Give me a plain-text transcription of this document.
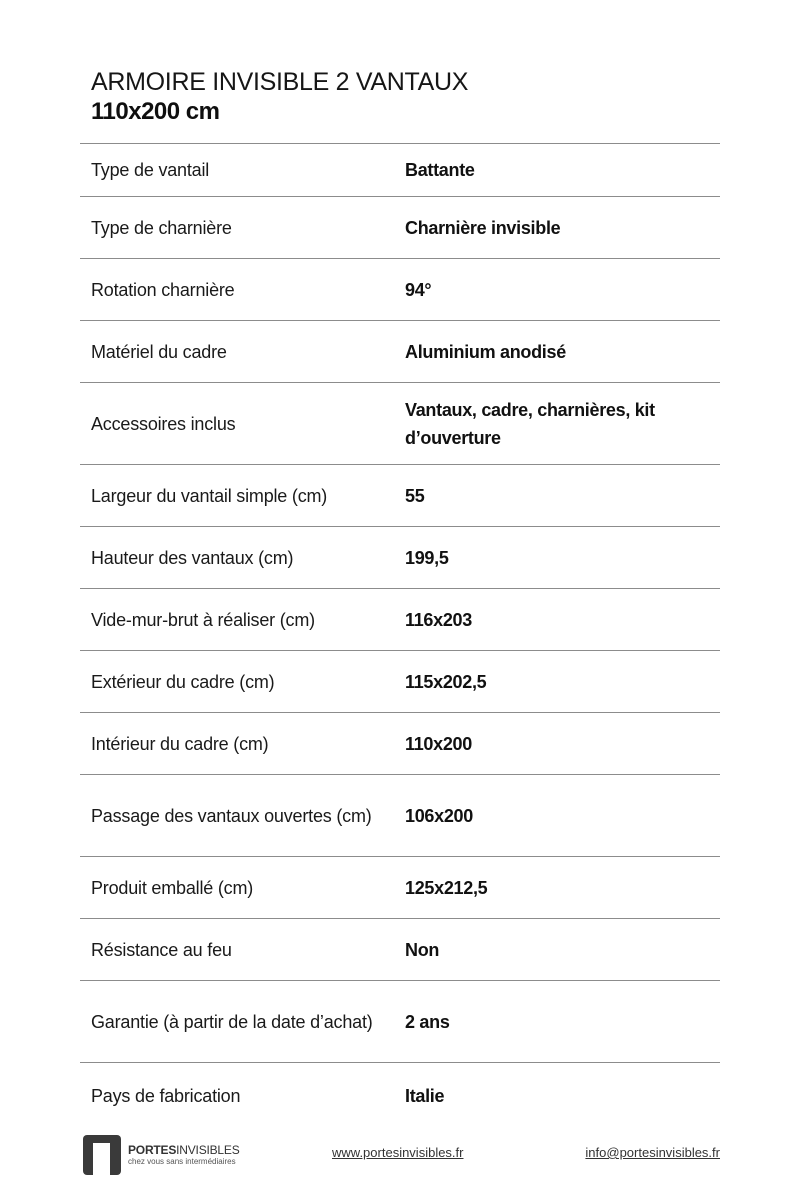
ARMOIRE INVISIBLE 2 VANTAUX
110x200 cm
Type de vantail	Battante
Type de charnière	Charnière invisible
Rotation charnière	94°
Matériel du cadre	Aluminium anodisé
Accessoires inclus	Vantaux, cadre, charnières, kit d’ouverture
Largeur du vantail simple (cm)	55
Hauteur des vantaux (cm)	199,5
Vide-mur-brut à réaliser (cm)	116x203
Extérieur du cadre (cm)	115x202,5
Intérieur du cadre (cm)	110x200
Passage des vantaux ouvertes (cm)	106x200
Produit emballé (cm)	125x212,5
Résistance au feu	Non
Garantie (à partir de la date d’achat)	2 ans
Pays de fabrication	Italie
PORTESINVISIBLES
chez vous sans intermédiaires
www.portesinvisibles.fr	info@portesinvisibles.fr
